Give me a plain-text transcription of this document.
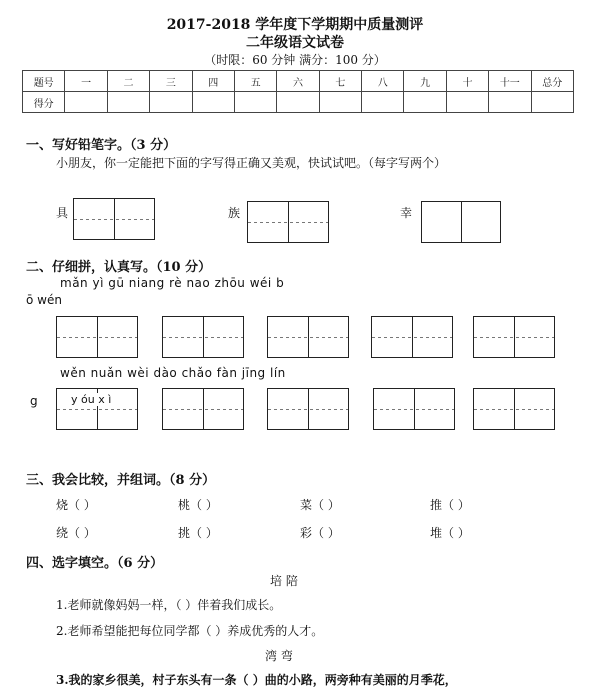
2017-2018 学年度下学期期中质量测评
二年级语文试卷
（时限：60 分钟 满分：100 分）
题号	一	二	三	四	五	六	七	八	九	十	十一	总分
得分												
一、写好铅笔字。（3 分）
小朋友，你一定能把下面的字写得正确又美观，快试试吧。（每字写两个）
具	族	幸
二、仔细拼，认真写。（10 分）
mǎn yì gū niang rè nao zhōu wéi b
ō wén
wěn nuǎn wèi dào chǎo fàn jīng lín
g	y óu x ì
三、我会比较，并组词。（8 分）
烧（ ）	桃（ ）	菜（ ）	推（ ）
绕（ ）	挑（ ）	彩（ ）	堆（ ）
四、选字填空。（6 分）
培 陪
1.老师就像妈妈一样，（ ）伴着我们成长。
2.老师希望能把每位同学都（ ）养成优秀的人才。
湾 弯
3.我的家乡很美，村子东头有一条（ ）曲的小路，两旁种有美丽的月季花，
